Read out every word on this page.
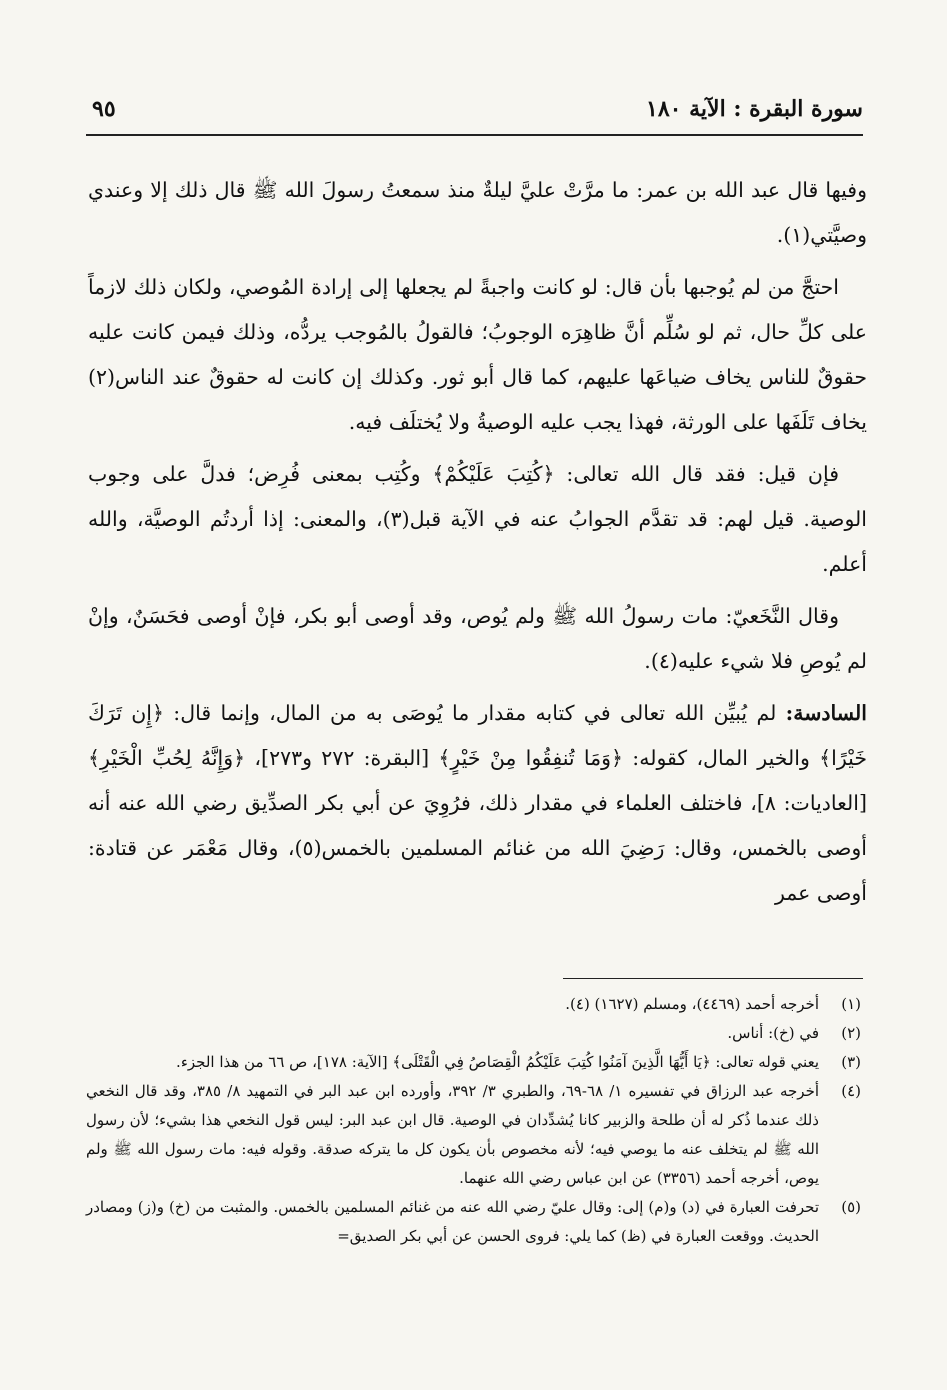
سورة البقرة : الآية ١٨٠
٩٥

وفيها قال عبد الله بن عمر: ما مرَّتْ عليَّ ليلةٌ منذ سمعتُ رسولَ الله ﷺ قال ذلك إلا وعندي وصيَّتي(١).

احتجَّ من لم يُوجبها بأن قال: لو كانت واجبةً لم يجعلها إلى إرادة المُوصي، ولكان ذلك لازماً على كلِّ حال، ثم لو سُلِّم أنَّ ظاهِرَه الوجوبُ؛ فالقولُ بالمُوجب يردُّه، وذلك فيمن كانت عليه حقوقٌ للناس يخاف ضياعَها عليهم، كما قال أبو ثور. وكذلك إن كانت له حقوقٌ عند الناس(٢) يخاف تَلَفَها على الورثة، فهذا يجب عليه الوصيةُ ولا يُختلَف فيه.

فإن قيل: فقد قال الله تعالى: ﴿كُتِبَ عَلَيْكُمْ﴾ وكُتِب بمعنى فُرِض؛ فدلَّ على وجوب الوصية. قيل لهم: قد تقدَّم الجوابُ عنه في الآية قبل(٣)، والمعنى: إذا أردتُم الوصيَّة، والله أعلم.

وقال النَّخَعيّ: مات رسولُ الله ﷺ ولم يُوص، وقد أوصى أبو بكر، فإنْ أوصى فحَسَنٌ، وإنْ لم يُوصِ فلا شيء عليه(٤).

السادسة: لم يُبيِّن الله تعالى في كتابه مقدار ما يُوصَى به من المال، وإنما قال: ﴿إِن تَرَكَ خَيْرًا﴾ والخير المال، كقوله: ﴿وَمَا تُنفِقُوا مِنْ خَيْرٍ﴾ [البقرة: ٢٧٢ و٢٧٣]، ﴿وَإِنَّهُ لِحُبِّ الْخَيْرِ﴾ [العاديات: ٨]، فاختلف العلماء في مقدار ذلك، فرُوِيَ عن أبي بكر الصدِّيق رضي الله عنه أنه أوصى بالخمس، وقال: رَضِيَ الله من غنائم المسلمين بالخمس(٥)، وقال مَعْمَر عن قتادة: أوصى عمر

(١)
أخرجه أحمد (٤٤٦٩)، ومسلم (١٦٢٧) (٤).
(٢)
في (خ): أناس.
(٣)
يعني قوله تعالى: ﴿يَا أَيُّهَا الَّذِينَ آمَنُوا كُتِبَ عَلَيْكُمُ الْقِصَاصُ فِي الْقَتْلَى﴾ [الآية: ١٧٨]، ص ٦٦ من هذا الجزء.
(٤)
أخرجه عبد الرزاق في تفسيره ١/ ٦٨-٦٩، والطبري ٣/ ٣٩٢، وأورده ابن عبد البر في التمهيد ٨/ ٣٨٥، وقد قال النخعي ذلك عندما ذُكر له أن طلحة والزبير كانا يُشدِّدان في الوصية. قال ابن عبد البر: ليس قول النخعي هذا بشيء؛ لأن رسول الله ﷺ لم يتخلف عنه ما يوصي فيه؛ لأنه مخصوص بأن يكون كل ما يتركه صدقة. وقوله فيه: مات رسول الله ﷺ ولم يوص، أخرجه أحمد (٣٣٥٦) عن ابن عباس رضي الله عنهما.
(٥)
تحرفت العبارة في (د) و(م) إلى: وقال عليّ رضي الله عنه من غنائم المسلمين بالخمس. والمثبت من (خ) و(ز) ومصادر الحديث. ووقعت العبارة في (ظ) كما يلي: فروى الحسن عن أبي بكر الصديق=
